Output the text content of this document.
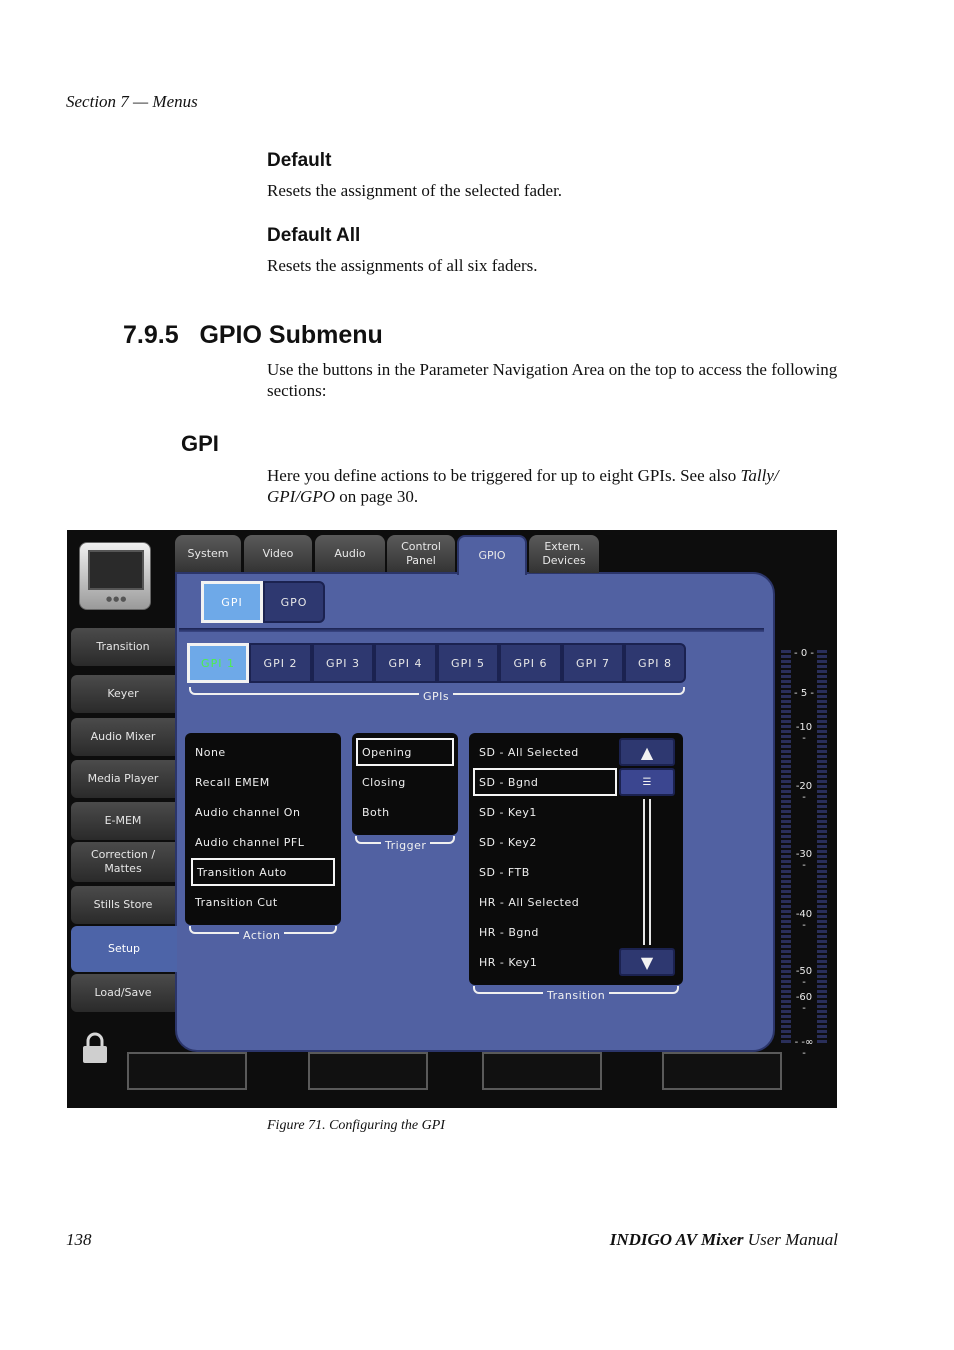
Section 7 — Menus
Default
Resets the assignment of the selected fader.
Default All
Resets the assignments of all six faders.
7.9.5   GPIO Submenu
Use the buttons in the Parameter Navigation Area on the top to access the following sections:
GPI
Here you define actions to be triggered for up to eight GPIs. See also Tally/
GPI/GPO on page 30.
●●●
System	Video	Audio
Control
Panel	GPIO
Extern.
Devices
Transition
Keyer
Audio Mixer
Media Player
E-MEM
Correction /
Mattes
Stills Store
Setup
Load/Save
GPI	GPO
GPI 1	GPI 2	GPI 3	GPI 4	GPI 5	GPI 6	GPI 7	GPI 8
GPIs
None
Recall EMEM
Audio channel On
Audio channel PFL
Transition Auto
Transition Cut
Action
Opening
Closing
Both
Trigger
SD - All Selected
SD - Bgnd
SD - Key1
SD - Key2
SD - FTB
HR - All Selected
HR - Bgnd
HR - Key1
▲
☰
▼
Transition
- 0 -
- 5 -
-10 -
-20 -
-30 -
-40 -
-50 -
-60 -
- -∞ -
Figure 71. Configuring the GPI
138	INDIGO AV Mixer User Manual
